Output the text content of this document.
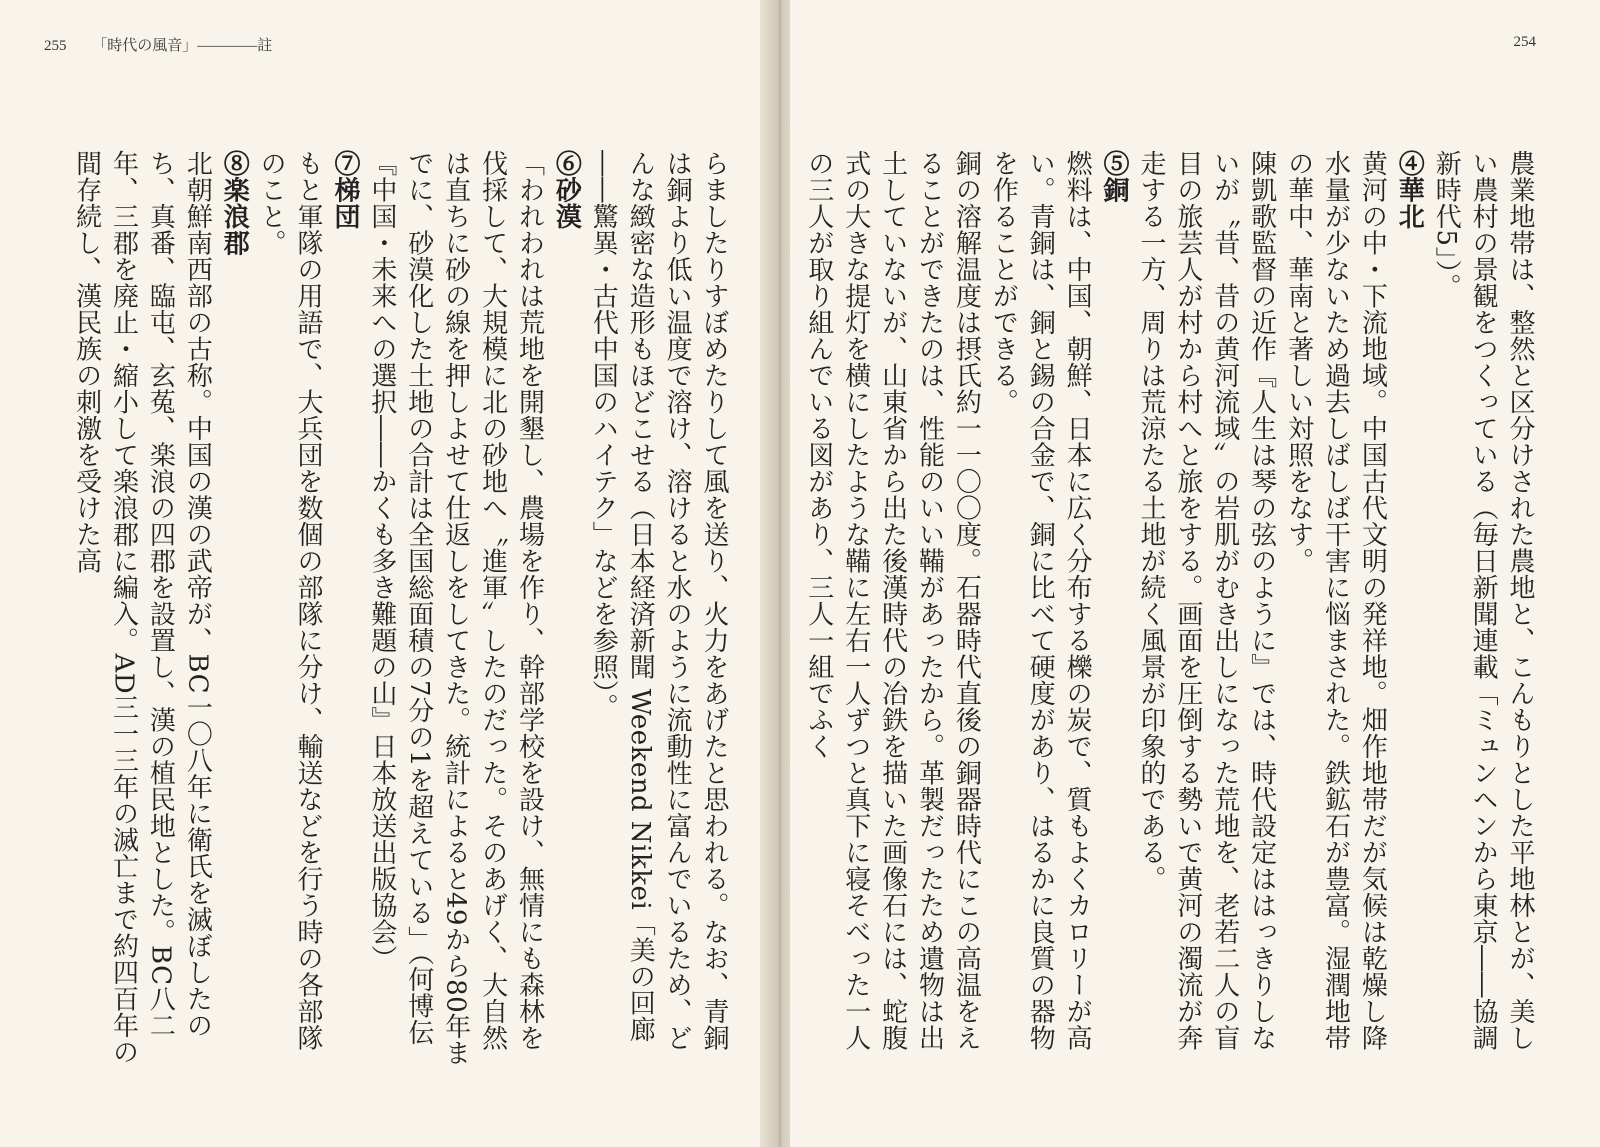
255 「時代の風音」――――註

らましたりすぼめたりして風を送り、火力をあげたと思われる。なお、青銅は銅より低い温度で溶け、溶けると水のように流動性に富んでいるため、どんな緻密な造形もほどこせる（日本経済新聞 Weekend Nikkei「美の回廊――驚異・古代中国のハイテク」などを参照）。

⑥砂漠

「われわれは荒地を開墾し、農場を作り、幹部学校を設け、無情にも森林を伐採して、大規模に北の砂地へ〝進軍〟したのだった。そのあげく、大自然は直ちに砂の線を押しよせて仕返しをしてきた。統計によると49から80年までに、砂漠化した土地の合計は全国総面積の7分の1を超えている」（何博伝『中国・未来への選択――かくも多き難題の山』日本放送出版協会）

⑦梯団

もと軍隊の用語で、大兵団を数個の部隊に分け、輸送などを行う時の各部隊のこと。

⑧楽浪郡

北朝鮮南西部の古称。中国の漢の武帝が、BC一〇八年に衛氏を滅ぼしたのち、真番、臨屯、玄菟、楽浪の四郡を設置し、漢の植民地とした。BC八二年、三郡を廃止・縮小して楽浪郡に編入。AD三一三年の滅亡まで約四百年の間存続し、漢民族の刺激を受けた高

254

農業地帯は、整然と区分けされた農地と、こんもりとした平地林とが、美しい農村の景観をつくっている（毎日新聞連載「ミュンヘンから東京――協調新時代5」）。

④華北

黄河の中・下流地域。中国古代文明の発祥地。畑作地帯だが気候は乾燥し降水量が少ないため過去しばしば干害に悩まされた。鉄鉱石が豊富。湿潤地帯の華中、華南と著しい対照をなす。

陳凱歌監督の近作『人生は琴の弦のように』では、時代設定ははっきりしないが〝昔、昔の黄河流域〟の岩肌がむき出しになった荒地を、老若二人の盲目の旅芸人が村から村へと旅をする。画面を圧倒する勢いで黄河の濁流が奔走する一方、周りは荒涼たる土地が続く風景が印象的である。

⑤銅

燃料は、中国、朝鮮、日本に広く分布する櫟の炭で、質もよくカロリーが高い。青銅は、銅と錫の合金で、銅に比べて硬度があり、はるかに良質の器物を作ることができる。

銅の溶解温度は摂氏約一一〇〇度。石器時代直後の銅器時代にこの高温をえることができたのは、性能のいい鞴があったから。革製だったため遺物は出土していないが、山東省から出た後漢時代の冶鉄を描いた画像石には、蛇腹式の大きな提灯を横にしたような鞴に左右一人ずつと真下に寝そべった一人の三人が取り組んでいる図があり、三人一組でふく
